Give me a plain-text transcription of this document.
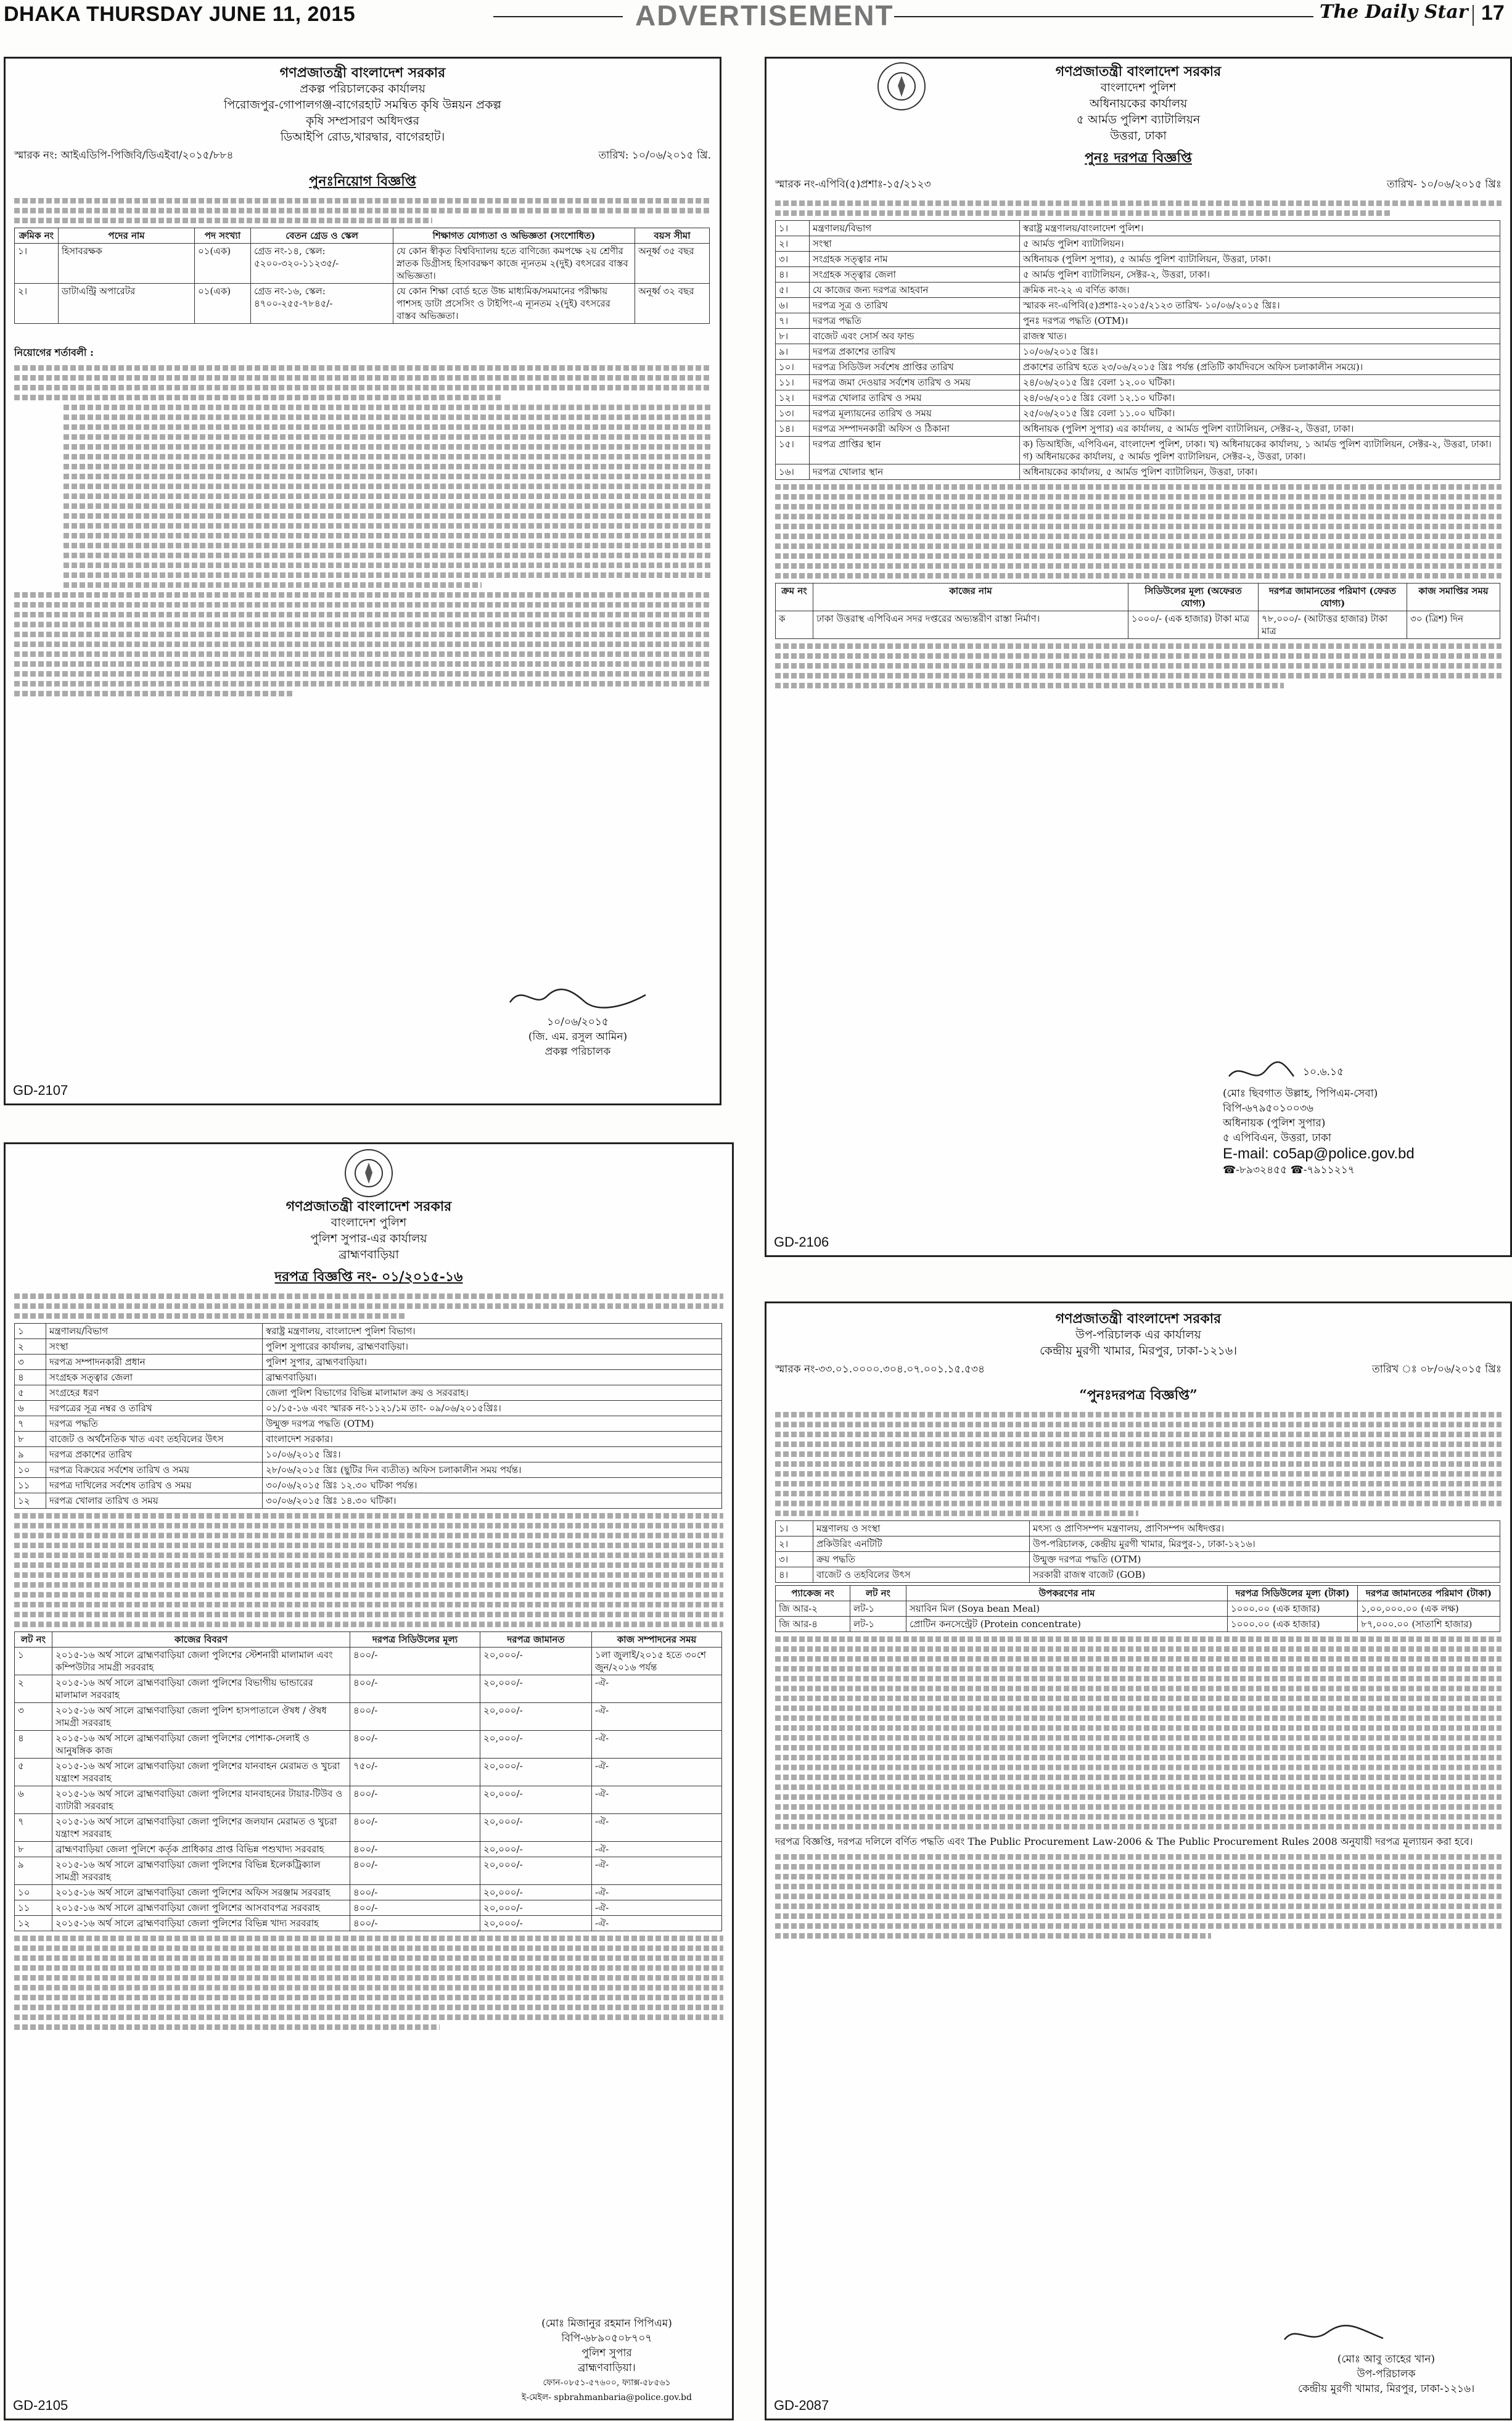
DHAKA THURSDAY JUNE 11, 2015	ADVERTISEMENT	The Daily Star 17
গণপ্রজাতন্ত্রী বাংলাদেশ সরকার
প্রকল্প পরিচালকের কার্যালয়
পিরোজপুর-গোপালগঞ্জ-বাগেরহাট সমন্বিত কৃষি উন্নয়ন প্রকল্প
কৃষি সম্প্রসারণ অধিদপ্তর
ডিআইপি রোড,খারদ্বার, বাগেরহাট।
স্মারক নং: আইএডিপি-পিজিবি/ডিএইবা/২০১৫/৮৮৪	তারিখ: ১০/০৬/২০১৫ খ্রি.
পুনঃনিয়োগ বিজ্ঞপ্তি
ক্রমিক নং	পদের নাম	পদ সংখ্যা	বেতন গ্রেড ও স্কেল	শিক্ষাগত যোগ্যতা ও অভিজ্ঞতা (সংশোধিত)	বয়স সীমা
১।	হিসাবরক্ষক	০১(এক)	গ্রেড নং-১৪, স্কেল: ৫২০০-৩২০-১১২৩৫/-	যে কোন স্বীকৃত বিশ্ববিদ্যালয় হতে বাণিজ্যে কমপক্ষে ২য় শ্রেণীর স্নাতক ডিগ্রীসহ হিসাবরক্ষণ কাজে ন্যূনতম ২(দুই) বৎসরের বাস্তব অভিজ্ঞতা।	অনূর্ধ্ব ৩৫ বছর
২।	ডাটাএন্ট্রি অপারেটর	০১(এক)	গ্রেড নং-১৬, স্কেল: ৪৭০০-২৫৫-৭৮৪৫/-	যে কোন শিক্ষা বোর্ড হতে উচ্চ মাধ্যমিক/সমমানের পরীক্ষায় পাশসহ ডাটা প্রসেসিং ও টাইপিং-এ ন্যূনতম ২(দুই) বৎসরের বাস্তব অভিজ্ঞতা।	অনূর্ধ্ব ৩২ বছর
নিয়োগের শর্তাবলী :
১০/০৬/২০১৫
(জি. এম. রসুল আমিন)
প্রকল্প পরিচালক
GD-2107
গণপ্রজাতন্ত্রী বাংলাদেশ সরকার
বাংলাদেশ পুলিশ
অধিনায়কের কার্যালয়
৫ আর্মড পুলিশ ব্যাটালিয়ন
উত্তরা, ঢাকা
পুনঃ দরপত্র বিজ্ঞপ্তি
স্মারক নং-এপিবি(৫)প্রশাঃ-১৫/২১২৩	তারিখ- ১০/০৬/২০১৫ খ্রিঃ
১।	মন্ত্রণালয়/বিভাগ	স্বরাষ্ট্র মন্ত্রণালয়/বাংলাদেশ পুলিশ।
২।	সংস্থা	৫ আর্মড পুলিশ ব্যাটালিয়ন।
৩।	সংগ্রহক সত্ত্বার নাম	অধিনায়ক (পুলিশ সুপার), ৫ আর্মড পুলিশ ব্যাটালিয়ন, উত্তরা, ঢাকা।
৪।	সংগ্রহক সত্ত্বার জেলা	৫ আর্মড পুলিশ ব্যাটালিয়ন, সেক্টর-২, উত্তরা, ঢাকা।
৫।	যে কাজের জন্য দরপত্র আহবান	ক্রমিক নং-২২ এ বর্ণিত কাজ।
৬।	দরপত্র সূত্র ও তারিখ	স্মারক নং-এপিবি(৫)প্রশাঃ-২০১৫/২১২৩ তারিখ- ১০/০৬/২০১৫ খ্রিঃ।
৭।	দরপত্র পদ্ধতি	পুনঃ দরপত্র পদ্ধতি (OTM)।
৮।	বাজেট এবং সোর্স অব ফান্ড	রাজস্ব খাত।
৯।	দরপত্র প্রকাশের তারিখ	১০/০৬/২০১৫ খ্রিঃ।
১০।	দরপত্র সিডিউল সর্বশেষ প্রাপ্তির তারিখ	প্রকাশের তারিখ হতে ২৩/০৬/২০১৫ খ্রিঃ পর্যন্ত (প্রতিটি কার্যদিবসে অফিস চলাকালীন সময়ে)।
১১।	দরপত্র জমা দেওয়ার সর্বশেষ তারিখ ও সময়	২৪/০৬/২০১৫ খ্রিঃ বেলা ১২.০০ ঘটিকা।
১২।	দরপত্র খোলার তারিখ ও সময়	২৪/০৬/২০১৫ খ্রিঃ বেলা ১২.১০ ঘটিকা।
১৩।	দরপত্র মূল্যায়নের তারিখ ও সময়	২৫/০৬/২০১৫ খ্রিঃ বেলা ১১.০০ ঘটিকা।
১৪।	দরপত্র সম্পাদনকারী অফিস ও ঠিকানা	অধিনায়ক (পুলিশ সুপার) এর কার্যালয়, ৫ আর্মড পুলিশ ব্যাটালিয়ন, সেক্টর-২, উত্তরা, ঢাকা।
১৫।	দরপত্র প্রাপ্তির স্থান	ক) ডিআইজি, এপিবিএন, বাংলাদেশ পুলিশ, ঢাকা। খ) অধিনায়কের কার্যালয়, ১ আর্মড পুলিশ ব্যাটালিয়ন, সেক্টর-২, উত্তরা, ঢাকা। গ) অধিনায়কের কার্যালয়, ৫ আর্মড পুলিশ ব্যাটালিয়ন, সেক্টর-২, উত্তরা, ঢাকা।
১৬।	দরপত্র খোলার স্থান	অধিনায়কের কার্যালয়, ৫ আর্মড পুলিশ ব্যাটালিয়ন, উত্তরা, ঢাকা।
ক্রম নং	কাজের নাম	সিডিউলের মূল্য (অফেরত যোগ্য)	দরপত্র জামানতের পরিমাণ (ফেরত যোগ্য)	কাজ সমাপ্তির সময়
ক	ঢাকা উত্তরাস্থ এপিবিএন সদর দপ্তরের অভ্যন্তরীণ রাস্তা নির্মাণ।	১০০০/- (এক হাজার) টাকা মাত্র	৭৮,০০০/- (আটাত্তর হাজার) টাকা মাত্র	৩০ (ত্রিশ) দিন
১০.৬.১৫
(মোঃ ছিবগাত উল্লাহ, পিপিএম-সেবা)
বিপি-৬৭৯৫০১০০৩৬
অধিনায়ক (পুলিশ সুপার)
৫ এপিবিএন, উত্তরা, ঢাকা
E-mail: co5ap@police.gov.bd
☎-৮৯৩২৪৫৫ ☎-৭৯১১২১৭
GD-2106
গণপ্রজাতন্ত্রী বাংলাদেশ সরকার
বাংলাদেশ পুলিশ
পুলিশ সুপার-এর কার্যালয়
ব্রাহ্মণবাড়িয়া
দরপত্র বিজ্ঞপ্তি নং- ০১/২০১৫-১৬
১	মন্ত্রণালয়/বিভাগ	স্বরাষ্ট্র মন্ত্রণালয়, বাংলাদেশ পুলিশ বিভাগ।
২	সংস্থা	পুলিশ সুপারের কার্যালয়, ব্রাহ্মণবাড়িয়া।
৩	দরপত্র সম্পাদনকারী প্রধান	পুলিশ সুপার, ব্রাহ্মণবাড়িয়া।
৪	সংগ্রহক সত্ত্বার জেলা	ব্রাহ্মণবাড়িয়া।
৫	সংগ্রহের ধরণ	জেলা পুলিশ বিভাগের বিভিন্ন মালামাল ক্রয় ও সরবরাহ।
৬	দরপত্রের সূত্র নম্বর ও তারিখ	০১/১৫-১৬ এবং স্মারক নং-১১২১/১ম তাং- ০৯/০৬/২০১৫খ্রিঃ।
৭	দরপত্র পদ্ধতি	উন্মুক্ত দরপত্র পদ্ধতি (OTM)
৮	বাজেট ও অর্থনৈতিক খাত এবং তহবিলের উৎস	বাংলাদেশ সরকার।
৯	দরপত্র প্রকাশের তারিখ	১০/০৬/২০১৫ খ্রিঃ।
১০	দরপত্র বিক্রয়ের সর্বশেষ তারিখ ও সময়	২৮/০৬/২০১৫ খ্রিঃ (ছুটির দিন ব্যতীত) অফিস চলাকালীন সময় পর্যন্ত।
১১	দরপত্র দাখিলের সর্বশেষ তারিখ ও সময়	৩০/০৬/২০১৫ খ্রিঃ ১২.৩০ ঘটিকা পর্যন্ত।
১২	দরপত্র খোলার তারিখ ও সময়	৩০/০৬/২০১৫ খ্রিঃ ১৪.৩০ ঘটিকা।
লট নং	কাজের বিবরণ	দরপত্র সিডিউলের মূল্য	দরপত্র জামানত	কাজ সম্পাদনের সময়
১	২০১৫-১৬ অর্থ সালে ব্রাহ্মণবাড়িয়া জেলা পুলিশের স্টেশনারী মালামাল এবং কম্পিউটার সামগ্রী সরবরাহ	৪০০/-	২০,০০০/-	১লা জুলাই/২০১৫ হতে ৩০শে জুন/২০১৬ পর্যন্ত
২	২০১৫-১৬ অর্থ সালে ব্রাহ্মণবাড়িয়া জেলা পুলিশের বিভাগীয় ভান্ডারের মালামাল সরবরাহ	৪০০/-	২০,০০০/-	-ঐ-
৩	২০১৫-১৬ অর্থ সালে ব্রাহ্মণবাড়িয়া জেলা পুলিশ হাসপাতালে ঔষধ / ঔষধ সামগ্রী সরবরাহ	৪০০/-	২০,০০০/-	-ঐ-
৪	২০১৫-১৬ অর্থ সালে ব্রাহ্মণবাড়িয়া জেলা পুলিশের পোশাক-সেলাই ও আনুষঙ্গিক কাজ	৪০০/-	২০,০০০/-	-ঐ-
৫	২০১৫-১৬ অর্থ সালে ব্রাহ্মণবাড়িয়া জেলা পুলিশের যানবাহন মেরামত ও খুচরা যন্ত্রাংশ সরবরাহ	৭৫০/-	২০,০০০/-	-ঐ-
৬	২০১৫-১৬ অর্থ সালে ব্রাহ্মণবাড়িয়া জেলা পুলিশের যানবাহনের টায়ার-টিউব ও ব্যাটারী সরবরাহ	৪০০/-	২০,০০০/-	-ঐ-
৭	২০১৫-১৬ অর্থ সালে ব্রাহ্মণবাড়িয়া জেলা পুলিশের জলযান মেরামত ও খুচরা যন্ত্রাংশ সরবরাহ	৪০০/-	২০,০০০/-	-ঐ-
৮	ব্রাহ্মণবাড়িয়া জেলা পুলিশে কর্তৃক প্রাধিকার প্রাপ্ত বিভিন্ন পশুখাদ্য সরবরাহ	৪০০/-	২০,০০০/-	-ঐ-
৯	২০১৫-১৬ অর্থ সালে ব্রাহ্মণবাড়িয়া জেলা পুলিশের বিভিন্ন ইলেকট্রিক্যাল সামগ্রী সরবরাহ	৪০০/-	২০,০০০/-	-ঐ-
১০	২০১৫-১৬ অর্থ সালে ব্রাহ্মণবাড়িয়া জেলা পুলিশের অফিস সরঞ্জাম সরবরাহ	৪০০/-	২০,০০০/-	-ঐ-
১১	২০১৫-১৬ অর্থ সালে ব্রাহ্মণবাড়িয়া জেলা পুলিশের আসবাবপত্র সরবরাহ	৪০০/-	২০,০০০/-	-ঐ-
১২	২০১৫-১৬ অর্থ সালে ব্রাহ্মণবাড়িয়া জেলা পুলিশের বিভিন্ন খাদ্য সরবরাহ	৪০০/-	২০,০০০/-	-ঐ-
(মোঃ মিজানুর রহমান পিপিএম)
বিপি-৬৮৯০৫০৮৭০৭
পুলিশ সুপার
ব্রাহ্মণবাড়িয়া।
ফোন-০৮৫১-৫৭৬০০, ফ্যাক্স-৫৮৫৬১
ই-মেইল- spbrahmanbaria@police.gov.bd
GD-2105
গণপ্রজাতন্ত্রী বাংলাদেশ সরকার
উপ-পরিচালক এর কার্যালয়
কেন্দ্রীয় মুরগী খামার, মিরপুর, ঢাকা-১২১৬।
স্মারক নং-৩৩.০১.০০০০.৩০৪.০৭.০০১.১৫.৫৩৪	তারিখ ঃ ০৮/০৬/২০১৫ খ্রিঃ
“পুনঃদরপত্র বিজ্ঞপ্তি”
১।	মন্ত্রণালয় ও সংস্থা	মৎস্য ও প্রাণিসম্পদ মন্ত্রণালয়, প্রাণিসম্পদ অধিদপ্তর।
২।	প্রকিউরিং এনটিটি	উপ-পরিচালক, কেন্দ্রীয় মুরগী খামার, মিরপুর-১, ঢাকা-১২১৬।
৩।	ক্রয় পদ্ধতি	উন্মুক্ত দরপত্র পদ্ধতি (OTM)
৪।	বাজেট ও তহবিলের উৎস	সরকারী রাজস্ব বাজেট (GOB)
প্যাকেজ নং	লট নং	উপকরণের নাম	দরপত্র সিডিউলের মূল্য (টাকা)	দরপত্র জামানতের পরিমাণ (টাকা)
জি আর-২	লট-১	সয়াবিন মিল (Soya bean Meal)	১০০০.০০ (এক হাজার)	১,০০,০০০.০০ (এক লক্ষ)
জি আর-৪	লট-১	প্রোটিন কনসেন্ট্রেট (Protein concentrate)	১০০০.০০ (এক হাজার)	৮৭,০০০.০০ (সাতাশি হাজার)
দরপত্র বিজ্ঞপ্তি, দরপত্র দলিলে বর্ণিত পদ্ধতি এবং The Public Procurement Law-2006 & The Public Procurement Rules 2008 অনুযায়ী দরপত্র মূল্যায়ন করা হবে।
(মোঃ আবু তাহের খান)
উপ-পরিচালক
কেন্দ্রীয় মুরগী খামার, মিরপুর, ঢাকা-১২১৬।
GD-2087
